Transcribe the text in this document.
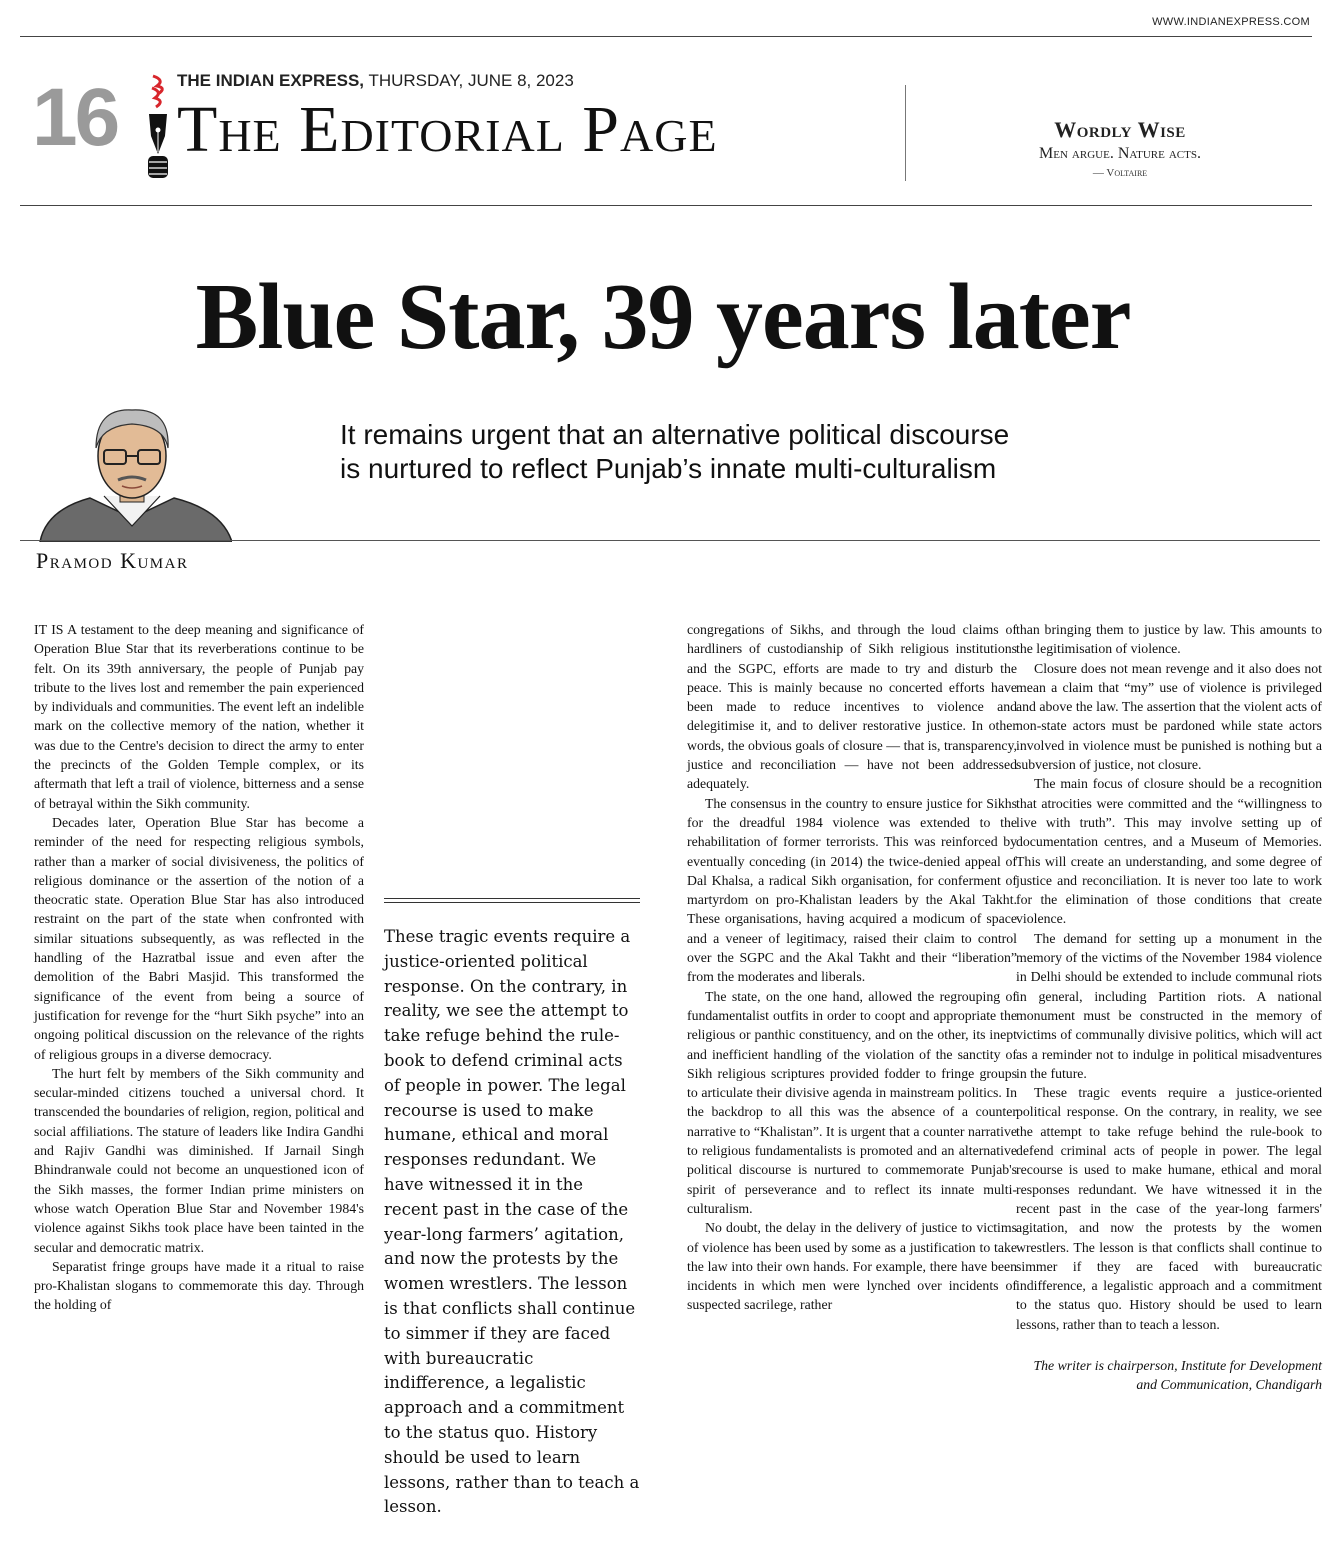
WWW.INDIANEXPRESS.COM
16	THE INDIAN EXPRESS, THURSDAY, JUNE 8, 2023
The Editorial Page	Wordly Wise
Men argue. Nature acts.
— Voltaire
Blue Star, 39 years later
It remains urgent that an alternative political discourse
is nurtured to reflect Punjab’s innate multi-culturalism
Pramod Kumar

IT IS A testament to the deep meaning and significance of Operation Blue Star that its reverberations continue to be felt. On its 39th anniversary, the people of Punjab pay tribute to the lives lost and remember the pain experienced by individuals and communities. The event left an indelible mark on the collective memory of the nation, whether it was due to the Centre's decision to direct the army to enter the precincts of the Golden Temple complex, or its aftermath that left a trail of violence, bitterness and a sense of betrayal within the Sikh community.

Decades later, Operation Blue Star has become a reminder of the need for respecting religious symbols, rather than a marker of social divisiveness, the politics of religious dominance or the assertion of the notion of a theocratic state. Operation Blue Star has also introduced restraint on the part of the state when confronted with similar situations subsequently, as was reflected in the handling of the Hazratbal issue and even after the demolition of the Babri Masjid. This transformed the significance of the event from being a source of justification for revenge for the “hurt Sikh psyche” into an ongoing political discussion on the relevance of the rights of religious groups in a diverse democracy.

The hurt felt by members of the Sikh community and secular-minded citizens touched a universal chord. It transcended the boundaries of religion, region, political and social affiliations. The stature of leaders like Indira Gandhi and Rajiv Gandhi was diminished. If Jarnail Singh Bhindranwale could not become an unquestioned icon of the Sikh masses, the former Indian prime ministers on whose watch Operation Blue Star and November 1984's violence against Sikhs took place have been tainted in the secular and democratic matrix.

Separatist fringe groups have made it a ritual to raise pro-Khalistan slogans to commemorate this day. Through the holding of

These tragic events require a justice-oriented political response. On the contrary, in reality, we see the attempt to take refuge behind the rule-book to defend criminal acts of people in power. The legal recourse is used to make humane, ethical and moral responses redundant. We have witnessed it in the recent past in the case of the year-long farmers’ agitation, and now the protests by the women wrestlers. The lesson is that conflicts shall continue to simmer if they are faced with bureaucratic indifference, a legalistic approach and a commitment to the status quo. History should be used to learn lessons, rather than to teach a lesson.

congregations of Sikhs, and through the loud claims of hardliners of custodianship of Sikh religious institutions and the SGPC, efforts are made to try and disturb the peace. This is mainly because no concerted efforts have been made to reduce incentives to violence and delegitimise it, and to deliver restorative justice. In other words, the obvious goals of closure — that is, transparency, justice and reconciliation — have not been addressed adequately.

The consensus in the country to ensure justice for Sikhs for the dreadful 1984 violence was extended to the rehabilitation of former terrorists. This was reinforced by eventually conceding (in 2014) the twice-denied appeal of Dal Khalsa, a radical Sikh organisation, for conferment of martyrdom on pro-Khalistan leaders by the Akal Takht. These organisations, having acquired a modicum of space and a veneer of legitimacy, raised their claim to control over the SGPC and the Akal Takht and their “liberation” from the moderates and liberals.

The state, on the one hand, allowed the regrouping of fundamentalist outfits in order to coopt and appropriate the religious or panthic constituency, and on the other, its inept and inefficient handling of the violation of the sanctity of Sikh religious scriptures provided fodder to fringe groups to articulate their divisive agenda in mainstream politics. In the backdrop to all this was the absence of a counter narrative to “Khalistan”. It is urgent that a counter narrative to religious fundamentalists is promoted and an alternative political discourse is nurtured to commemorate Punjab's spirit of perseverance and to reflect its innate multi-culturalism.

No doubt, the delay in the delivery of justice to victims of violence has been used by some as a justification to take the law into their own hands. For example, there have been incidents in which men were lynched over incidents of suspected sacrilege, rather

than bringing them to justice by law. This amounts to the legitimisation of violence.

Closure does not mean revenge and it also does not mean a claim that “my” use of violence is privileged and above the law. The assertion that the violent acts of non-state actors must be pardoned while state actors involved in violence must be punished is nothing but a subversion of justice, not closure.

The main focus of closure should be a recognition that atrocities were committed and the “willingness to live with truth”. This may involve setting up of documentation centres, and a Museum of Memories. This will create an understanding, and some degree of justice and reconciliation. It is never too late to work for the elimination of those conditions that create violence.

The demand for setting up a monument in the memory of the victims of the November 1984 violence in Delhi should be extended to include communal riots in general, including Partition riots. A national monument must be constructed in the memory of victims of communally divisive politics, which will act as a reminder not to indulge in political misadventures in the future.

These tragic events require a justice-oriented political response. On the contrary, in reality, we see the attempt to take refuge behind the rule-book to defend criminal acts of people in power. The legal recourse is used to make humane, ethical and moral responses redundant. We have witnessed it in the recent past in the case of the year-long farmers' agitation, and now the protests by the women wrestlers. The lesson is that conflicts shall continue to simmer if they are faced with bureaucratic indifference, a legalistic approach and a commitment to the status quo. History should be used to learn lessons, rather than to teach a lesson.

The writer is chairperson, Institute for Development and Communication, Chandigarh
